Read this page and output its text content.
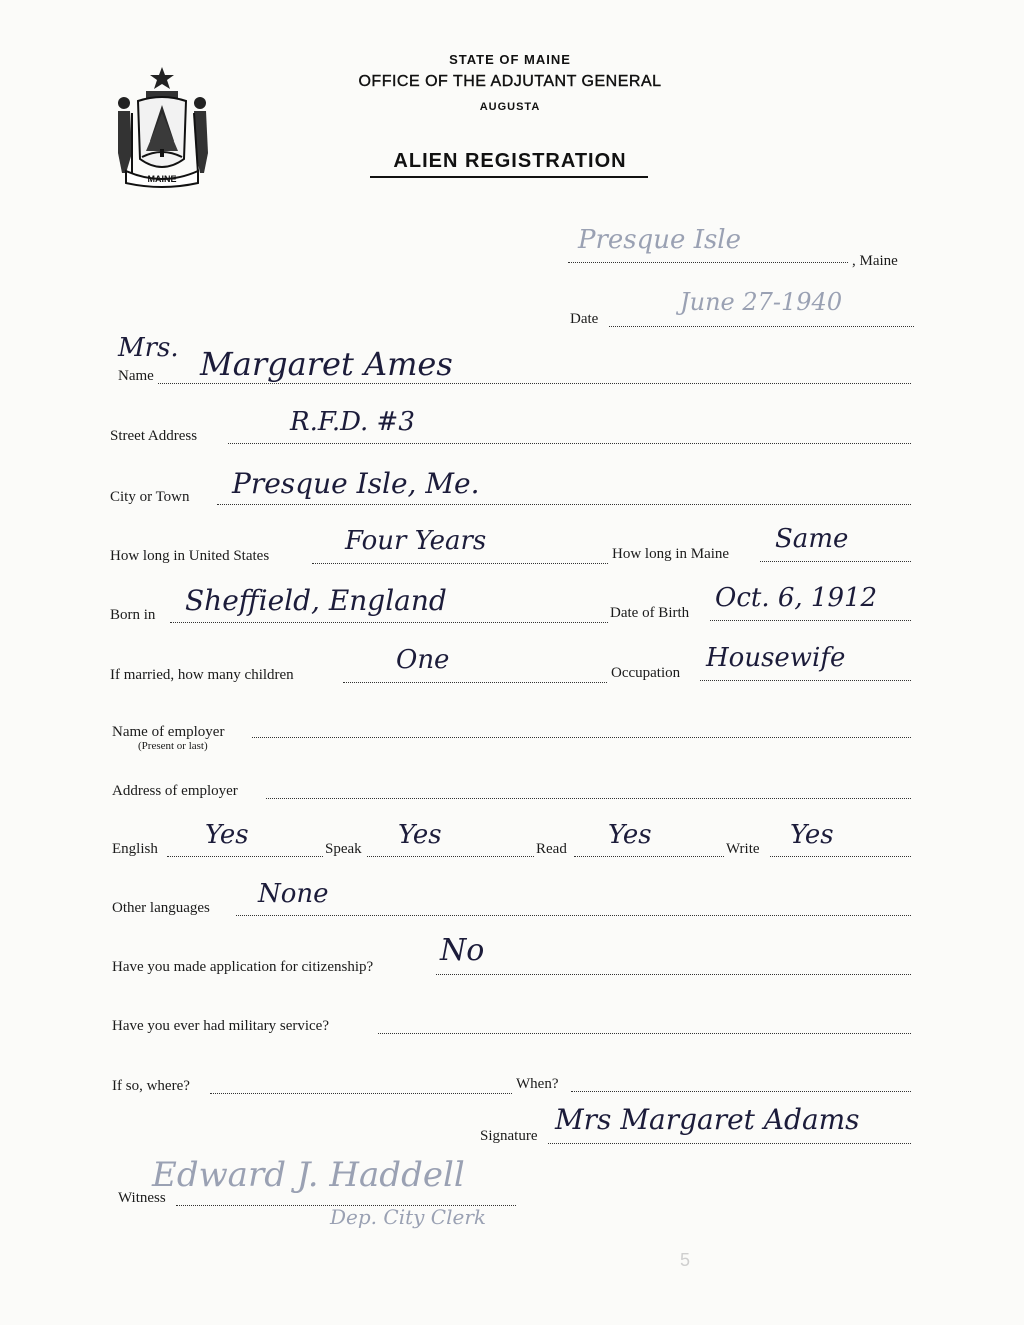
MAINE
STATE OF MAINE
OFFICE OF THE ADJUTANT GENERAL
AUGUSTA
ALIEN REGISTRATION
Presque Isle
, Maine
Date
June 27-1940
Mrs.
Name Margaret Ames
Street Address	R.F.D. #3
City or Town Presque Isle, Me.
How long in United States	Four Years	How long in Maine Same
Born in Sheffield, England	Date of Birth Oct. 6, 1912
If married, how many children	One	Occupation Housewife
Name of employer
(Present or last)
Address of employer
English Yes	Speak Yes	Read Yes	Write Yes
Other languages None
Have you made application for citizenship? No
Have you ever had military service?
If so, where?	When?
Signature Mrs Margaret Adams
Witness
Edward J. Haddell
Dep. City Clerk
5
